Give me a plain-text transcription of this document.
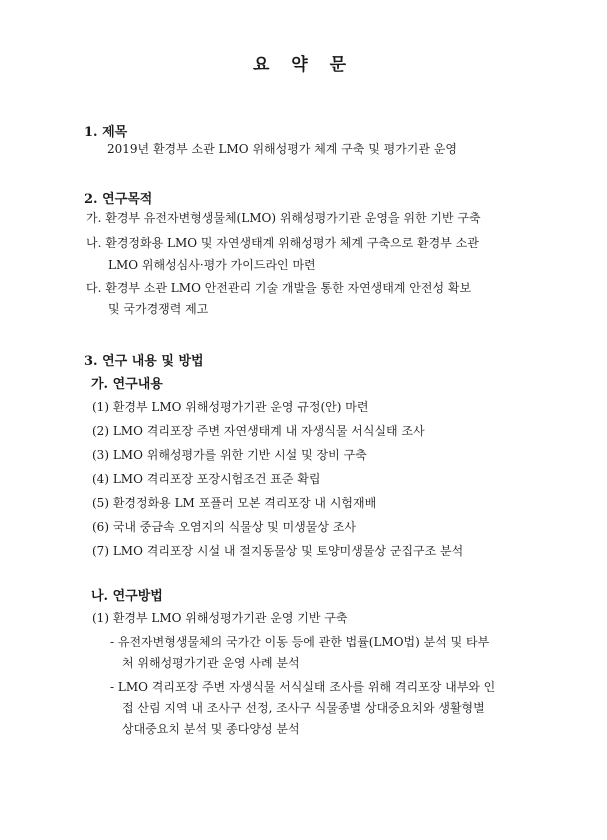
요 약 문
1. 제목
2019년 환경부 소관 LMO 위해성평가 체계 구축 및 평가기관 운영
2. 연구목적
가. 환경부 유전자변형생물체(LMO) 위해성평가기관 운영을 위한 기반 구축
나. 환경정화용 LMO 및 자연생태계 위해성평가 체계 구축으로 환경부 소관
LMO 위해성심사·평가 가이드라인 마련
다. 환경부 소관 LMO 안전관리 기술 개발을 통한 자연생태계 안전성 확보
및 국가경쟁력 제고
3. 연구 내용 및 방법
가. 연구내용
(1) 환경부 LMO 위해성평가기관 운영 규정(안) 마련
(2) LMO 격리포장 주변 자연생태계 내 자생식물 서식실태 조사
(3) LMO 위해성평가를 위한 기반 시설 및 장비 구축
(4) LMO 격리포장 포장시험조건 표준 확립
(5) 환경정화용 LM 포플러 모본 격리포장 내 시험재배
(6) 국내 중금속 오염지의 식물상 및 미생물상 조사
(7) LMO 격리포장 시설 내 절지동물상 및 토양미생물상 군집구조 분석
나. 연구방법
(1) 환경부 LMO 위해성평가기관 운영 기반 구축
- 유전자변형생물체의 국가간 이동 등에 관한 법률(LMO법) 분석 및 타부
처 위해성평가기관 운영 사례 분석
- LMO 격리포장 주변 자생식물 서식실태 조사를 위해 격리포장 내부와 인
접 산림 지역 내 조사구 선정, 조사구 식물종별 상대중요치와 생활형별
상대중요치 분석 및 종다양성 분석
